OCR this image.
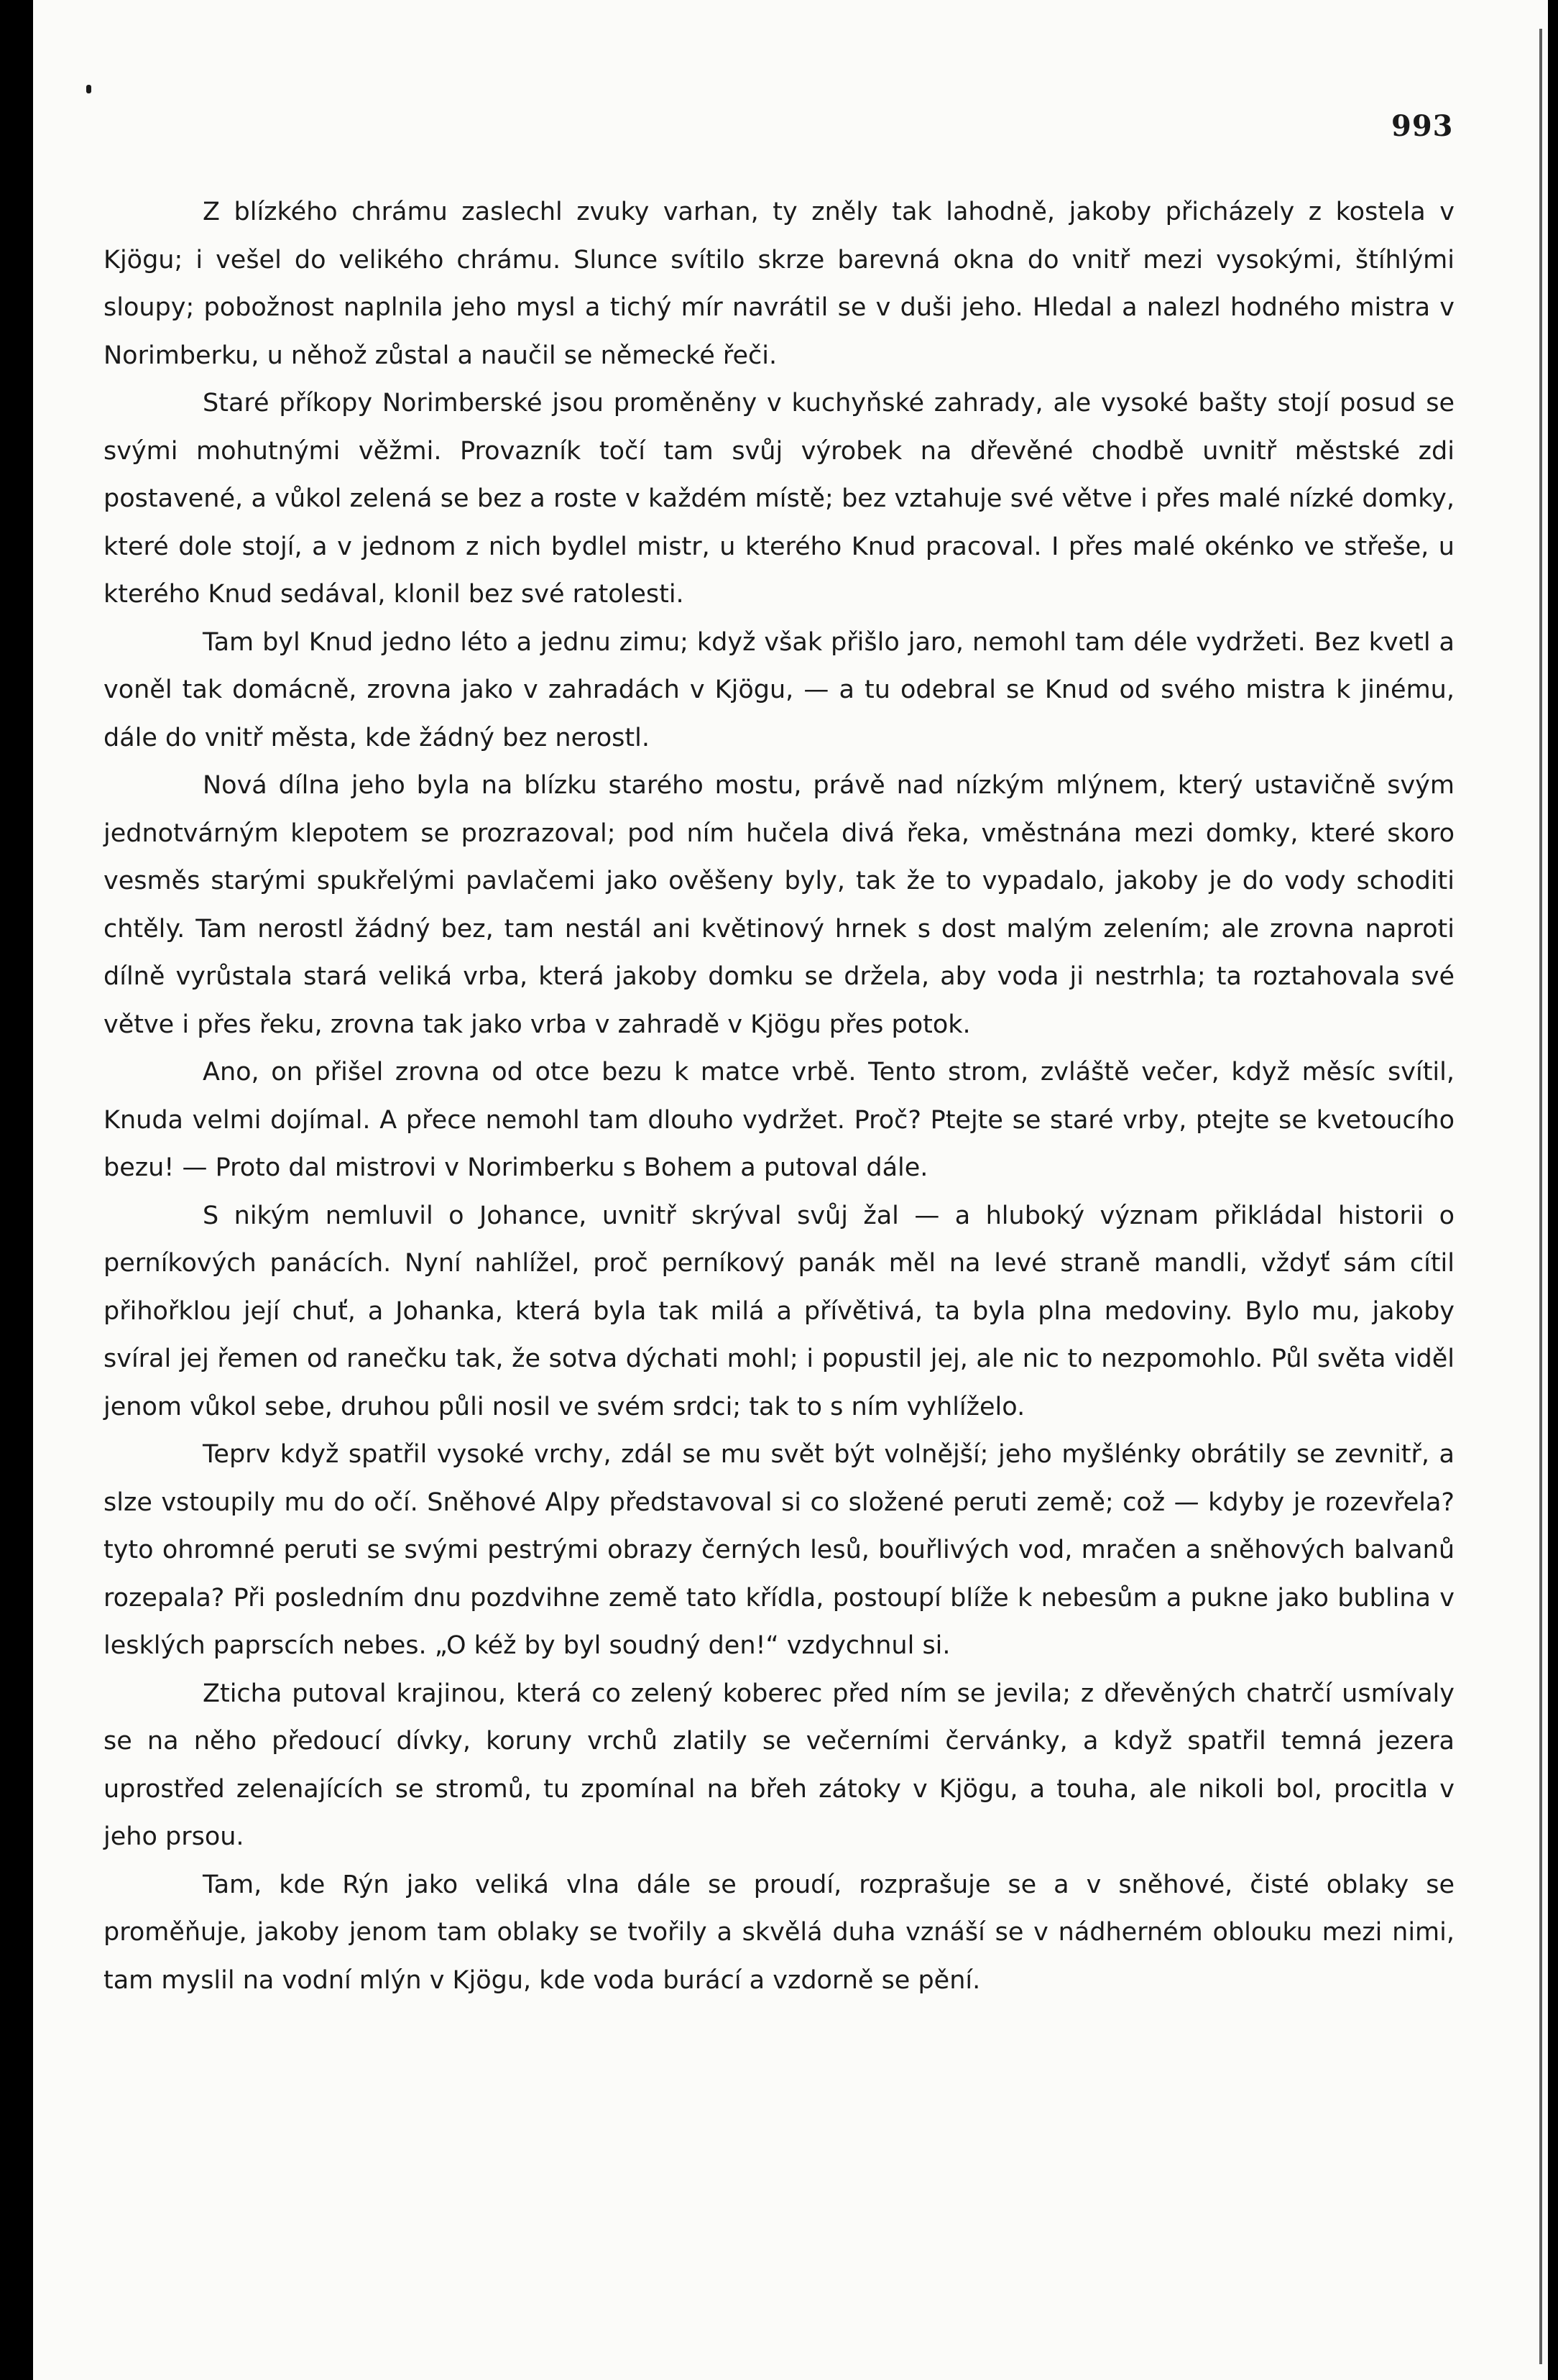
993

Z blízkého chrámu zaslechl zvuky varhan, ty zněly tak lahodně, jakoby přicházely z kostela v Kjögu; i vešel do velikého chrámu. Slunce svítilo skrze barevná okna do vnitř mezi vysokými, štíhlými sloupy; pobožnost naplnila jeho mysl a tichý mír navrátil se v duši jeho. Hledal a nalezl hodného mistra v Norimberku, u něhož zůstal a naučil se německé řeči.

Staré příkopy Norimberské jsou proměněny v kuchyňské zahrady, ale vysoké bašty stojí posud se svými mohutnými věžmi. Provazník točí tam svůj výrobek na dřevěné chodbě uvnitř městské zdi postavené, a vůkol zelená se bez a roste v každém místě; bez vztahuje své větve i přes malé nízké domky, které dole stojí, a v jednom z nich bydlel mistr, u kterého Knud pracoval. I přes malé okénko ve střeše, u kterého Knud sedával, klonil bez své ratolesti.

Tam byl Knud jedno léto a jednu zimu; když však přišlo jaro, nemohl tam déle vydržeti. Bez kvetl a voněl tak domácně, zrovna jako v zahradách v Kjögu, — a tu odebral se Knud od svého mistra k jinému, dále do vnitř města, kde žádný bez nerostl.

Nová dílna jeho byla na blízku starého mostu, právě nad nízkým mlýnem, který ustavičně svým jednotvárným klepotem se prozrazoval; pod ním hučela divá řeka, vměstnána mezi domky, které skoro vesměs starými spukřelými pavlačemi jako ověšeny byly, tak že to vypadalo, jakoby je do vody schoditi chtěly. Tam nerostl žádný bez, tam nestál ani květinový hrnek s dost malým zelením; ale zrovna naproti dílně vyrůstala stará veliká vrba, která jakoby domku se držela, aby voda ji nestrhla; ta roztahovala své větve i přes řeku, zrovna tak jako vrba v zahradě v Kjögu přes potok.

Ano, on přišel zrovna od otce bezu k matce vrbě. Tento strom, zvláště večer, když měsíc svítil, Knuda velmi dojímal. A přece nemohl tam dlouho vydržet. Proč? Ptejte se staré vrby, ptejte se kvetoucího bezu! — Proto dal mistrovi v Norimberku s Bohem a putoval dále.

S nikým nemluvil o Johance, uvnitř skrýval svůj žal — a hluboký význam přikládal historii o perníkových panácích. Nyní nahlížel, proč perníkový panák měl na levé straně mandli, vždyť sám cítil přihořklou její chuť, a Johanka, která byla tak milá a přívětivá, ta byla plna medoviny. Bylo mu, jakoby svíral jej řemen od ranečku tak, že sotva dýchati mohl; i popustil jej, ale nic to nezpomohlo. Půl světa viděl jenom vůkol sebe, druhou půli nosil ve svém srdci; tak to s ním vyhlíželo.

Teprv když spatřil vysoké vrchy, zdál se mu svět být volnější; jeho myšlénky obrátily se zevnitř, a slze vstoupily mu do očí. Sněhové Alpy představoval si co složené peruti země; což — kdyby je rozevřela? tyto ohromné peruti se svými pestrými obrazy černých lesů, bouřlivých vod, mračen a sněhových balvanů rozepala? Při posledním dnu pozdvihne země tato křídla, postoupí blíže k nebesům a pukne jako bublina v lesklých paprscích nebes. „O kéž by byl soudný den!“ vzdychnul si.

Zticha putoval krajinou, která co zelený koberec před ním se jevila; z dřevěných chatrčí usmívaly se na něho předoucí dívky, koruny vrchů zlatily se večerními červánky, a když spatřil temná jezera uprostřed zelenajících se stromů, tu zpomínal na břeh zátoky v Kjögu, a touha, ale nikoli bol, procitla v jeho prsou.

Tam, kde Rýn jako veliká vlna dále se proudí, rozprašuje se a v sněhové, čisté oblaky se proměňuje, jakoby jenom tam oblaky se tvořily a skvělá duha vznáší se v nádherném oblouku mezi nimi, tam myslil na vodní mlýn v Kjögu, kde voda burácí a vzdorně se pění.
